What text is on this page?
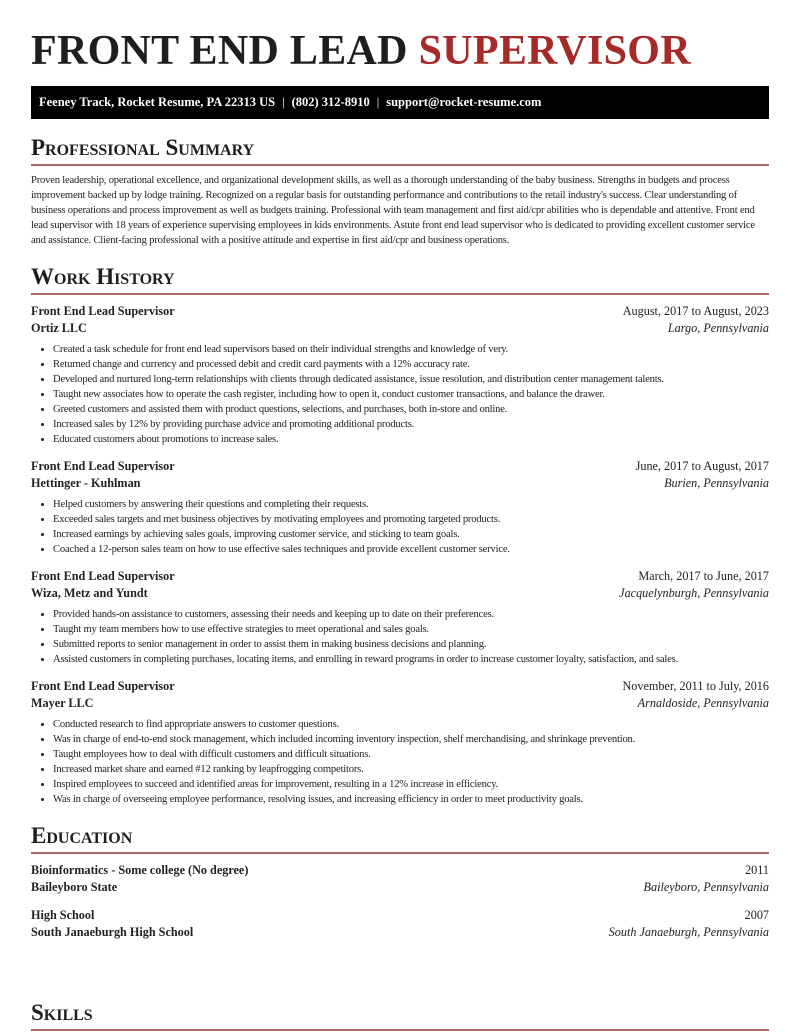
FRONT END LEAD SUPERVISOR
Feeney Track, Rocket Resume, PA 22313 US | (802) 312-8910 | support@rocket-resume.com
Professional Summary
Proven leadership, operational excellence, and organizational development skills, as well as a thorough understanding of the baby business. Strengths in budgets and process improvement backed up by lodge training. Recognized on a regular basis for outstanding performance and contributions to the retail industry's success. Clear understanding of business operations and process improvement as well as budgets training. Professional with team management and first aid/cpr abilities who is dependable and attentive. Front end lead supervisor with 18 years of experience supervising employees in kids environments. Astute front end lead supervisor who is dedicated to providing excellent customer service and assistance. Client-facing professional with a positive attitude and expertise in first aid/cpr and business operations.
Work History
Front End Lead Supervisor	August, 2017 to August, 2023
Ortiz LLC	Largo, Pennsylvania
• Created a task schedule for front end lead supervisors based on their individual strengths and knowledge of very.
• Returned change and currency and processed debit and credit card payments with a 12% accuracy rate.
• Developed and nurtured long-term relationships with clients through dedicated assistance, issue resolution, and distribution center management talents.
• Taught new associates how to operate the cash register, including how to open it, conduct customer transactions, and balance the drawer.
• Greeted customers and assisted them with product questions, selections, and purchases, both in-store and online.
• Increased sales by 12% by providing purchase advice and promoting additional products.
• Educated customers about promotions to increase sales.
Front End Lead Supervisor	June, 2017 to August, 2017
Hettinger - Kuhlman	Burien, Pennsylvania
• Helped customers by answering their questions and completing their requests.
• Exceeded sales targets and met business objectives by motivating employees and promoting targeted products.
• Increased earnings by achieving sales goals, improving customer service, and sticking to team goals.
• Coached a 12-person sales team on how to use effective sales techniques and provide excellent customer service.
Front End Lead Supervisor	March, 2017 to June, 2017
Wiza, Metz and Yundt	Jacquelynburgh, Pennsylvania
• Provided hands-on assistance to customers, assessing their needs and keeping up to date on their preferences.
• Taught my team members how to use effective strategies to meet operational and sales goals.
• Submitted reports to senior management in order to assist them in making business decisions and planning.
• Assisted customers in completing purchases, locating items, and enrolling in reward programs in order to increase customer loyalty, satisfaction, and sales.
Front End Lead Supervisor	November, 2011 to July, 2016
Mayer LLC	Arnaldoside, Pennsylvania
• Conducted research to find appropriate answers to customer questions.
• Was in charge of end-to-end stock management, which included incoming inventory inspection, shelf merchandising, and shrinkage prevention.
• Taught employees how to deal with difficult customers and difficult situations.
• Increased market share and earned #12 ranking by leapfrogging competitors.
• Inspired employees to succeed and identified areas for improvement, resulting in a 12% increase in efficiency.
• Was in charge of overseeing employee performance, resolving issues, and increasing efficiency in order to meet productivity goals.
Education
Bioinformatics - Some college (No degree)	2011
Baileyboro State	Baileyboro, Pennsylvania
High School	2007
South Janaeburgh High School	South Janaeburgh, Pennsylvania
Skills
